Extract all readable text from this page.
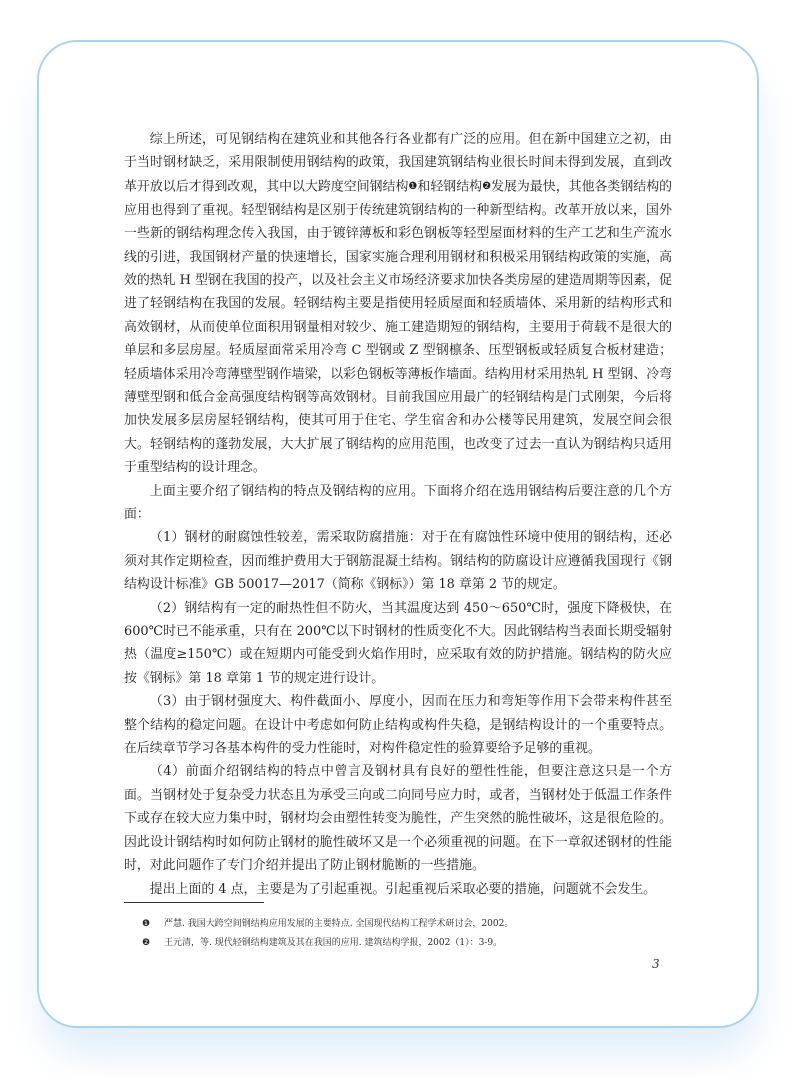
综上所述，可见钢结构在建筑业和其他各行各业都有广泛的应用。但在新中国建立之初，由于当时钢材缺乏，采用限制使用钢结构的政策，我国建筑钢结构业很长时间未得到发展，直到改革开放以后才得到改观，其中以大跨度空间钢结构❶和轻钢结构❷发展为最快，其他各类钢结构的应用也得到了重视。轻型钢结构是区别于传统建筑钢结构的一种新型结构。改革开放以来，国外一些新的钢结构理念传入我国，由于镀锌薄板和彩色钢板等轻型屋面材料的生产工艺和生产流水线的引进，我国钢材产量的快速增长，国家实施合理利用钢材和积极采用钢结构政策的实施，高效的热轧 H 型钢在我国的投产，以及社会主义市场经济要求加快各类房屋的建造周期等因素，促进了轻钢结构在我国的发展。轻钢结构主要是指使用轻质屋面和轻质墙体、采用新的结构形式和高效钢材，从而使单位面积用钢量相对较少、施工建造期短的钢结构，主要用于荷载不是很大的单层和多层房屋。轻质屋面常采用冷弯 C 型钢或 Z 型钢檩条、压型钢板或轻质复合板材建造；轻质墙体采用冷弯薄壁型钢作墙梁，以彩色钢板等薄板作墙面。结构用材采用热轧 H 型钢、冷弯薄壁型钢和低合金高强度结构钢等高效钢材。目前我国应用最广的轻钢结构是门式刚架，今后将加快发展多层房屋轻钢结构，使其可用于住宅、学生宿舍和办公楼等民用建筑，发展空间会很大。轻钢结构的蓬勃发展，大大扩展了钢结构的应用范围，也改变了过去一直认为钢结构只适用于重型结构的设计理念。

上面主要介绍了钢结构的特点及钢结构的应用。下面将介绍在选用钢结构后要注意的几个方面：

（1）钢材的耐腐蚀性较差，需采取防腐措施：对于在有腐蚀性环境中使用的钢结构，还必须对其作定期检查，因而维护费用大于钢筋混凝土结构。钢结构的防腐设计应遵循我国现行《钢结构设计标准》GB 50017—2017（简称《钢标》）第 18 章第 2 节的规定。

（2）钢结构有一定的耐热性但不防火，当其温度达到 450～650℃时，强度下降极快，在 600℃时已不能承重，只有在 200℃以下时钢材的性质变化不大。因此钢结构当表面长期受辐射热（温度≥150℃）或在短期内可能受到火焰作用时，应采取有效的防护措施。钢结构的防火应按《钢标》第 18 章第 1 节的规定进行设计。

（3）由于钢材强度大、构件截面小、厚度小，因而在压力和弯矩等作用下会带来构件甚至整个结构的稳定问题。在设计中考虑如何防止结构或构件失稳，是钢结构设计的一个重要特点。在后续章节学习各基本构件的受力性能时，对构件稳定性的验算要给予足够的重视。

（4）前面介绍钢结构的特点中曾言及钢材具有良好的塑性性能，但要注意这只是一个方面。当钢材处于复杂受力状态且为承受三向或二向同号应力时，或者，当钢材处于低温工作条件下或存在较大应力集中时，钢材均会由塑性转变为脆性，产生突然的脆性破坏，这是很危险的。因此设计钢结构时如何防止钢材的脆性破坏又是一个必须重视的问题。在下一章叙述钢材的性能时，对此问题作了专门介绍并提出了防止钢材脆断的一些措施。

提出上面的 4 点，主要是为了引起重视。引起重视后采取必要的措施，问题就不会发生。

❶	严慧. 我国大跨空间钢结构应用发展的主要特点. 全国现代结构工程学术研讨会，2002。
❷	王元清，等. 现代轻钢结构建筑及其在我国的应用. 建筑结构学报，2002（1）：3-9。
3
